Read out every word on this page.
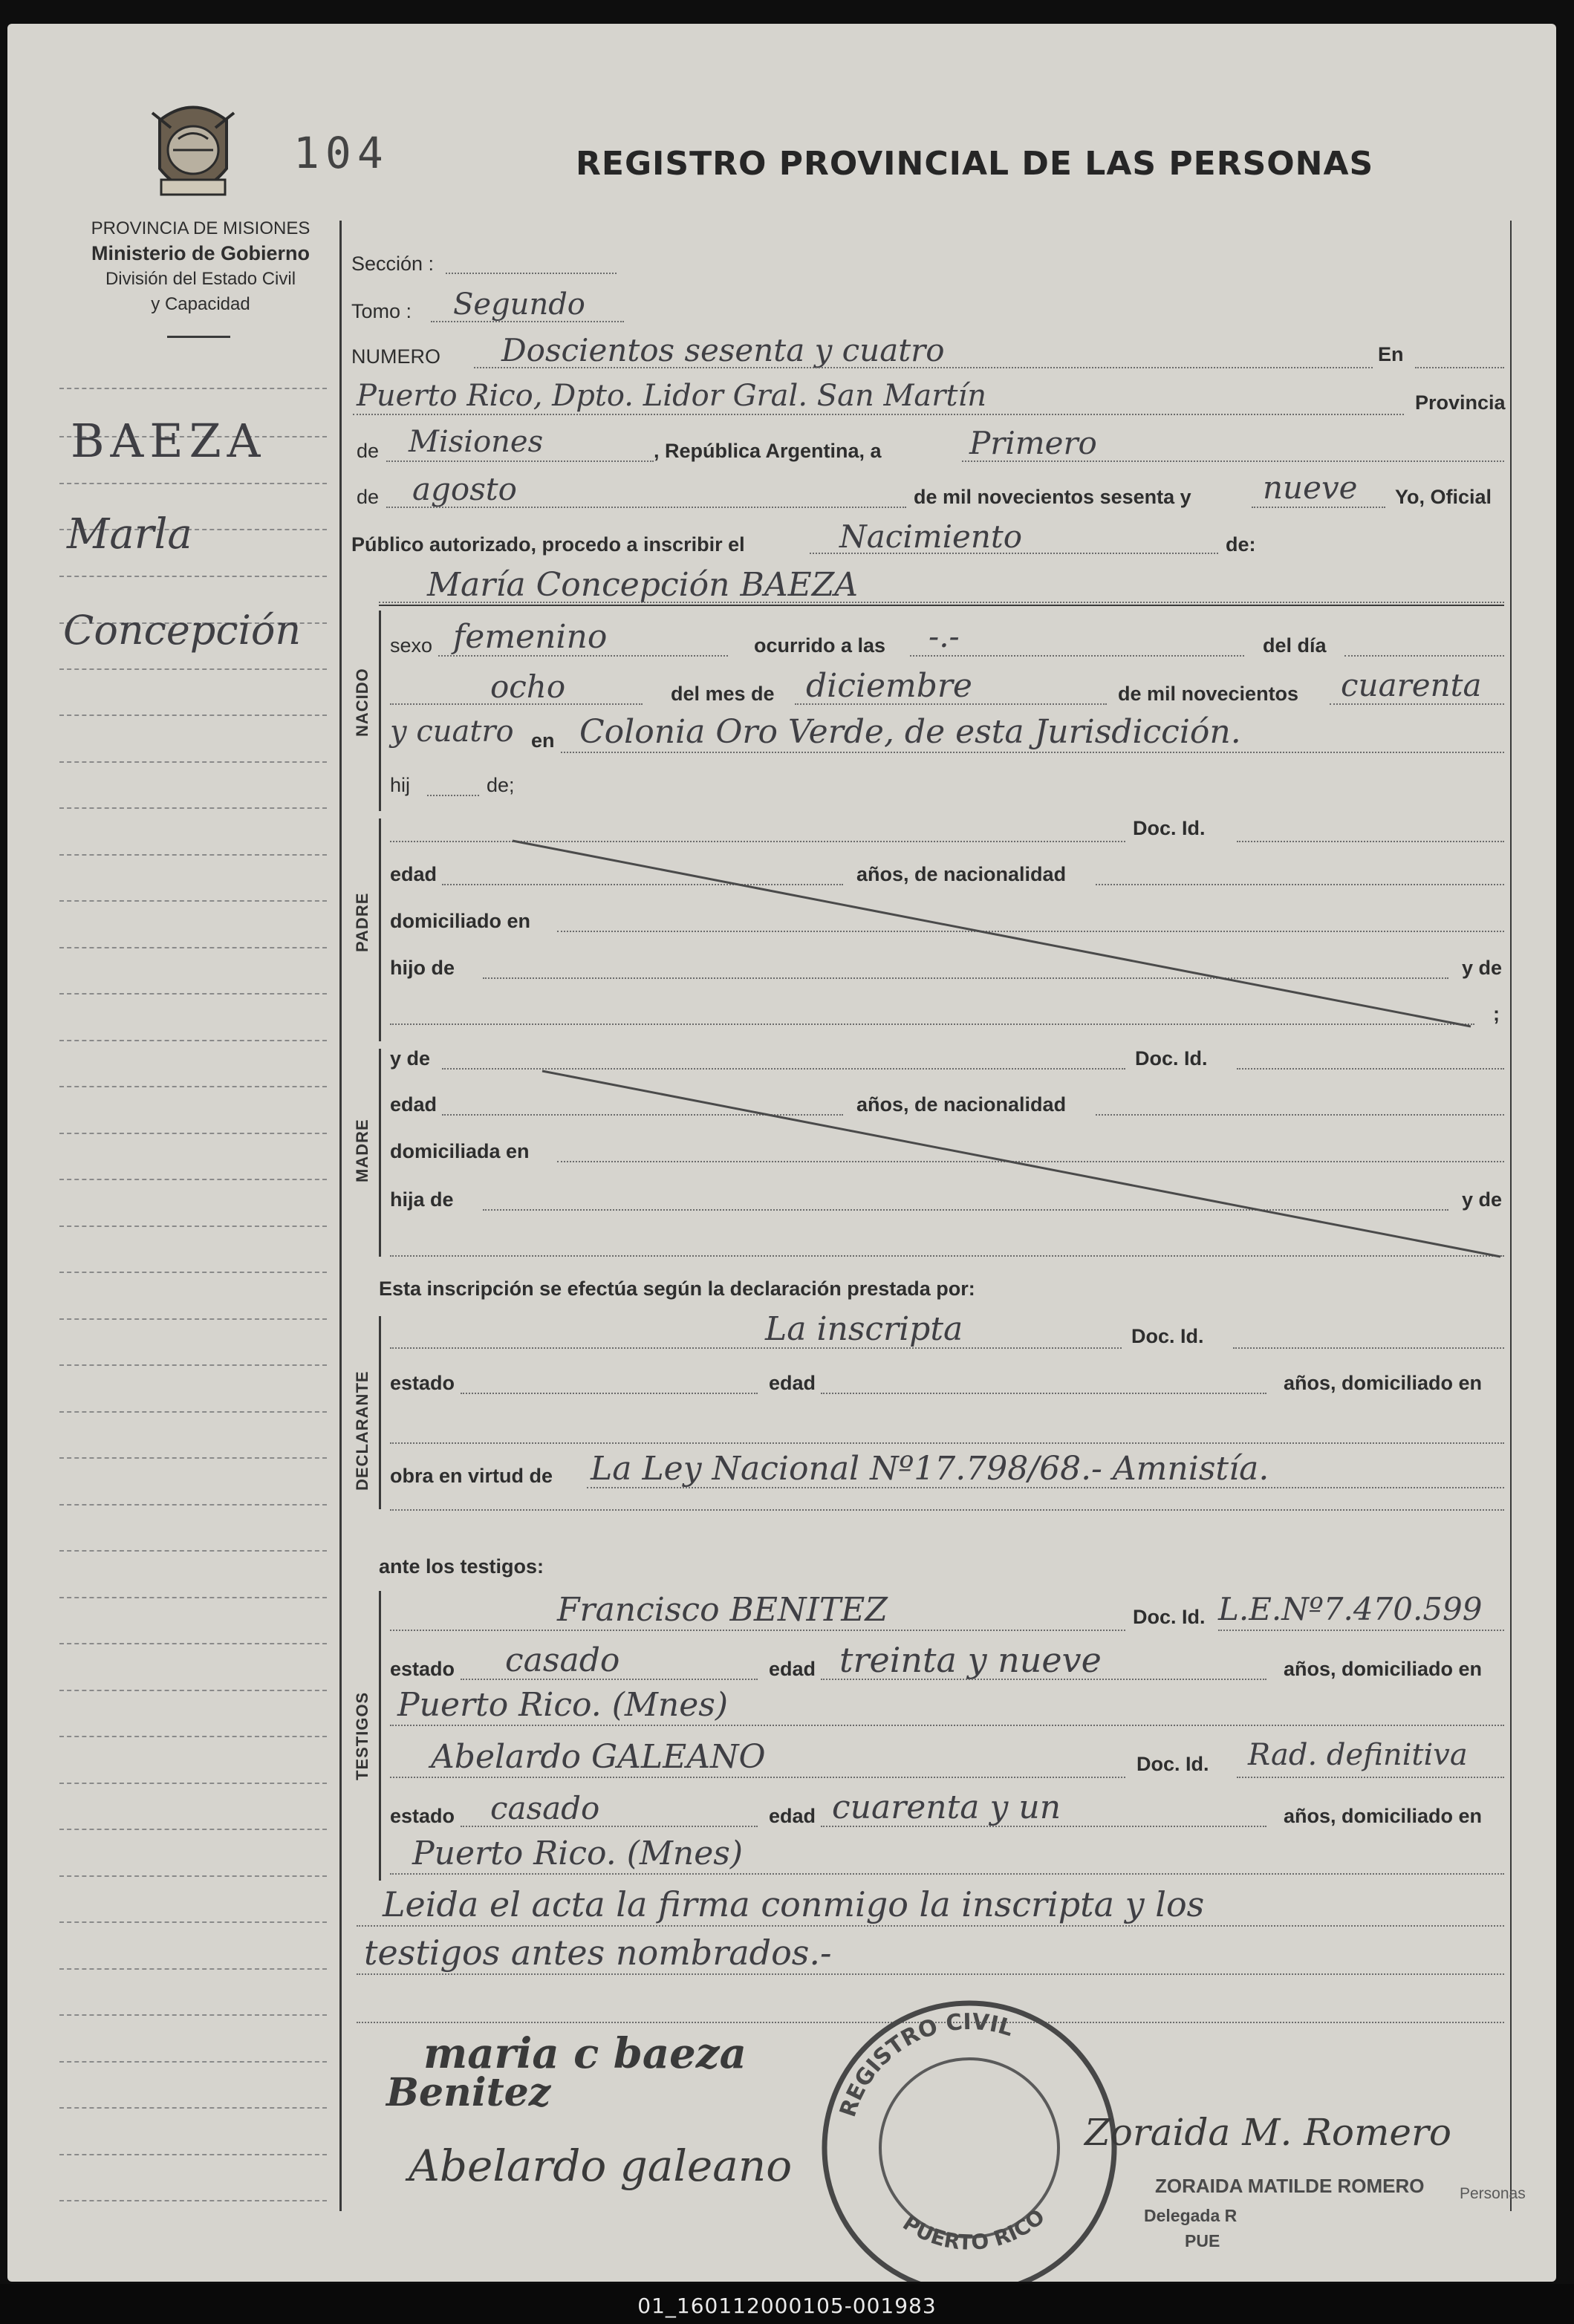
104	REGISTRO PROVINCIAL DE LAS PERSONAS
PROVINCIA DE MISIONES
Ministerio de Gobierno
División del Estado Civil
y Capacidad
BAEZA
Marla
Concepción
Sección :
Tomo : Segundo
NUMERO Doscientos sesenta y cuatro	En
Puerto Rico, Dpto. Lidor Gral. San Martín	Provincia
de Misiones	, República Argentina, a	Primero
de agosto	de mil novecientos sesenta y nueve Yo, Oficial
Público autorizado, procedo a inscribir el	Nacimiento	de:
María Concepción BAEZA
NACIDO
sexo femenino	ocurrido a las -.-	del día
ocho	del mes de diciembre	de mil novecientos cuarenta
y cuatro en Colonia Oro Verde, de esta Jurisdicción.
hij	de;
PADRE
Doc. Id.
edad	años, de nacionalidad
domiciliado en
hijo de	y de
;
MADRE
y de	Doc. Id.
edad	años, de nacionalidad
domiciliada en
hija de	y de
Esta inscripción se efectúa según la declaración prestada por:
DECLARANTE
La inscripta	Doc. Id.
estado	edad	años, domiciliado en
obra en virtud de La Ley Nacional Nº17.798/68.- Amnistía.
ante los testigos:
TESTIGOS
Francisco BENITEZ	Doc. Id. L.E.Nº7.470.599
estado casado	edad treinta y nueve	años, domiciliado en
Puerto Rico. (Mnes)
Abelardo GALEANO	Doc. Id. Rad. definitiva
estado casado	edad cuarenta y un	años, domiciliado en
Puerto Rico. (Mnes)
Leida el acta la firma conmigo la inscripta y los
testigos antes nombrados.-
REGISTRO CIVIL
PUERTO RICO
maria c baeza
Benitez
Abelardo galeano
Zoraida M. Romero
ZORAIDA MATILDE ROMERO
Delegada R
Personas
PUE
01_160112000105-001983
